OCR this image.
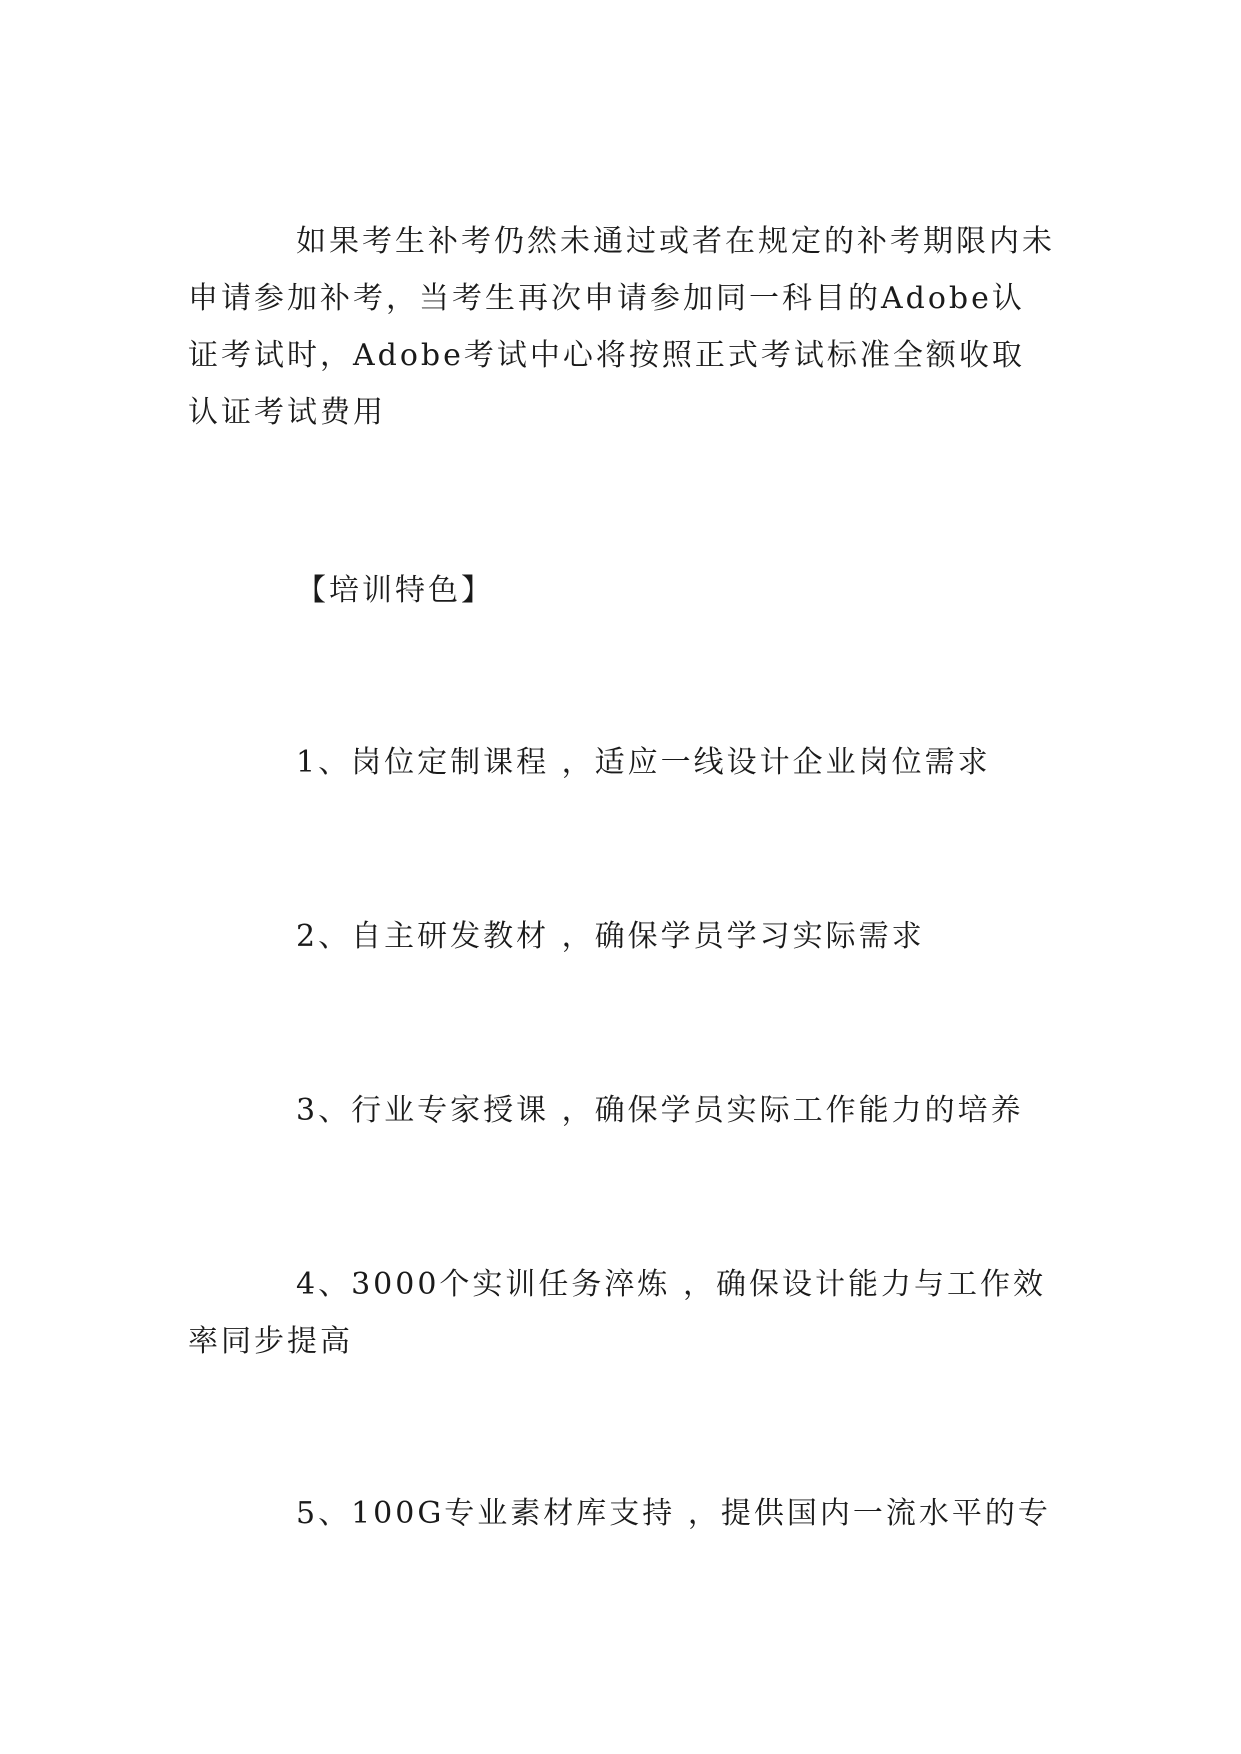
如果考生补考仍然未通过或者在规定的补考期限内未申请参加补考，当考生再次申请参加同一科目的Adobe认证考试时，Adobe考试中心将按照正式考试标准全额收取认证考试费用

【培训特色】

1、岗位定制课程 ，适应一线设计企业岗位需求

2、自主研发教材 ，确保学员学习实际需求

3、行业专家授课 ，确保学员实际工作能力的培养

4、3000个实训任务淬炼 ，确保设计能力与工作效率同步提高

5、100G专业素材库支持 ，提供国内一流水平的专
